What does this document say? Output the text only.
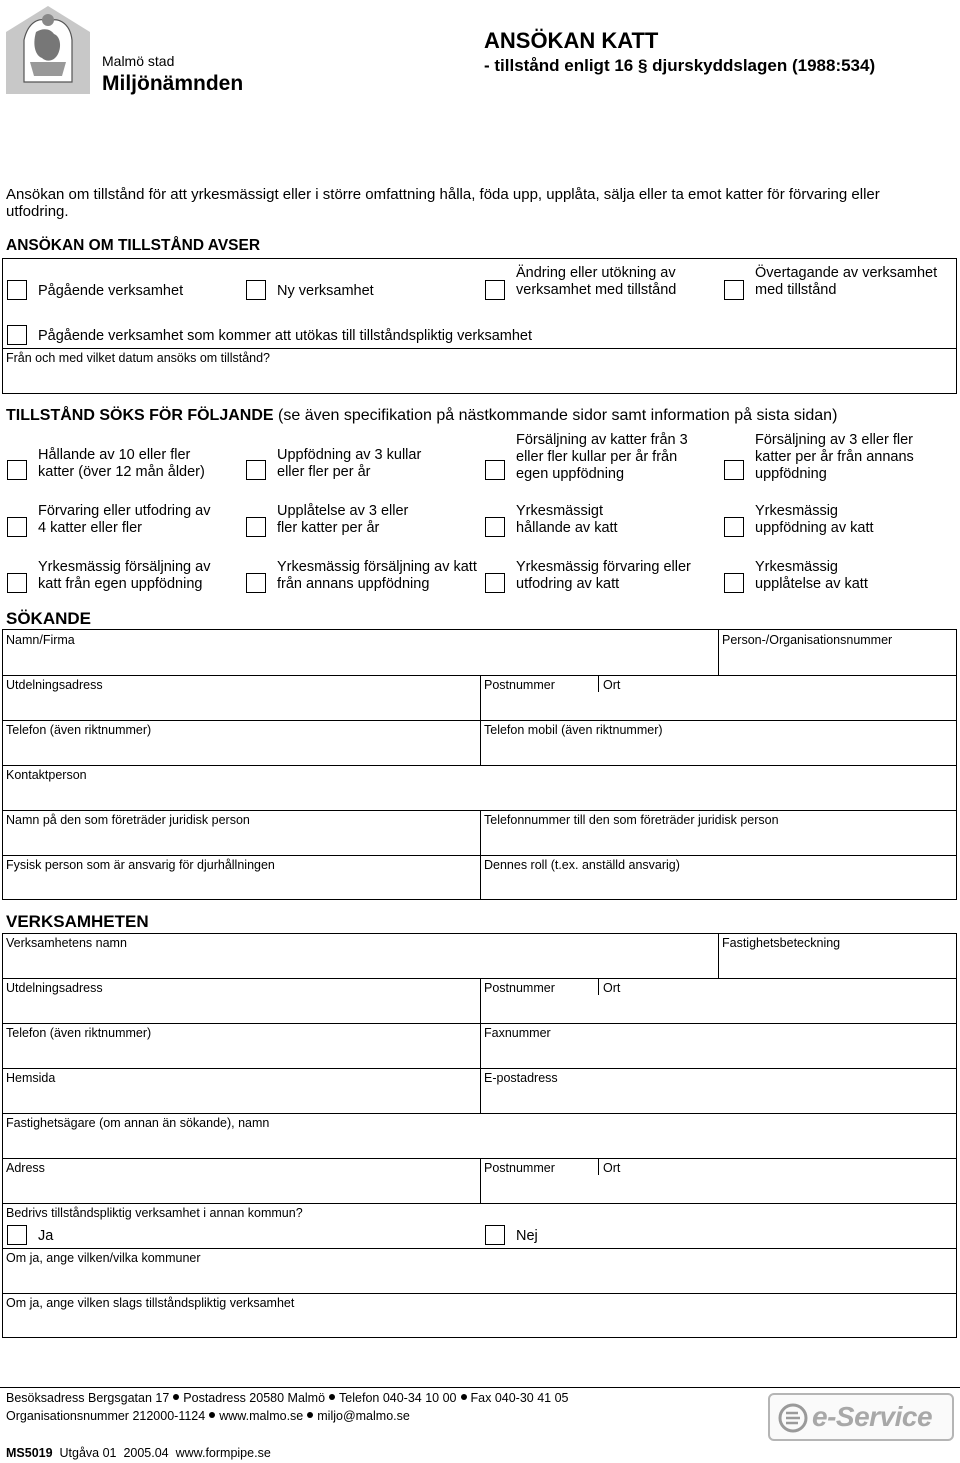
Malmö stad
Miljönämnden
ANSÖKAN KATT
- tillstånd enligt 16 § djurskyddslagen (1988:534)
Ansökan om tillstånd för att yrkesmässigt eller i större omfattning hålla, föda upp, upplåta, sälja eller ta emot katter för förvaring eller utfodring.
ANSÖKAN OM TILLSTÅND AVSER
Pågående verksamhet	Ny verksamhet
Ändring eller utökning av verksamhet med tillstånd
Övertagande av verksamhet med tillstånd
Pågående verksamhet som kommer att utökas till tillståndspliktig verksamhet
Från och med vilket datum ansöks om tillstånd?
TILLSTÅND SÖKS FÖR FÖLJANDE (se även specifikation på nästkommande sidor samt information på sista sidan)
Hållande av 10 eller fler katter (över 12 mån ålder)
Uppfödning av 3 kullar eller fler per år
Försäljning av katter från 3 eller fler kullar per år från egen uppfödning
Försäljning av 3 eller fler katter per år från annans uppfödning
Förvaring eller utfodring av 4 katter eller fler
Upplåtelse av 3 eller fler katter per år
Yrkesmässigt hållande av katt
Yrkesmässig uppfödning av katt
Yrkesmässig försäljning av katt från egen uppfödning
Yrkesmässig försäljning av katt från annans uppfödning
Yrkesmässig förvaring eller utfodring av katt
Yrkesmässig upplåtelse av katt
SÖKANDE
Namn/Firma	Person-/Organisationsnummer
Utdelningsadress	Postnummer	Ort
Telefon (även riktnummer)	Telefon mobil (även riktnummer)
Kontaktperson
Namn på den som företräder juridisk person	Telefonnummer till den som företräder juridisk person
Fysisk person som är ansvarig för djurhållningen	Dennes roll (t.ex. anställd ansvarig)
VERKSAMHETEN
Verksamhetens namn	Fastighetsbeteckning
Utdelningsadress	Postnummer	Ort
Telefon (även riktnummer)	Faxnummer
Hemsida	E-postadress
Fastighetsägare (om annan än sökande), namn
Adress	Postnummer	Ort
Bedrivs tillståndspliktig verksamhet i annan kommun?
Ja	Nej
Om ja, ange vilken/vilka kommuner
Om ja, ange vilken slags tillståndspliktig verksamhet
Besöksadress Bergsgatan 17 Postadress 20580 Malmö Telefon 040-34 10 00 Fax 040-30 41 05
Organisationsnummer 212000-1124 www.malmo.se miljo@malmo.se
MS5019 Utgåva 01 2005.04 www.formpipe.se
e-Service
